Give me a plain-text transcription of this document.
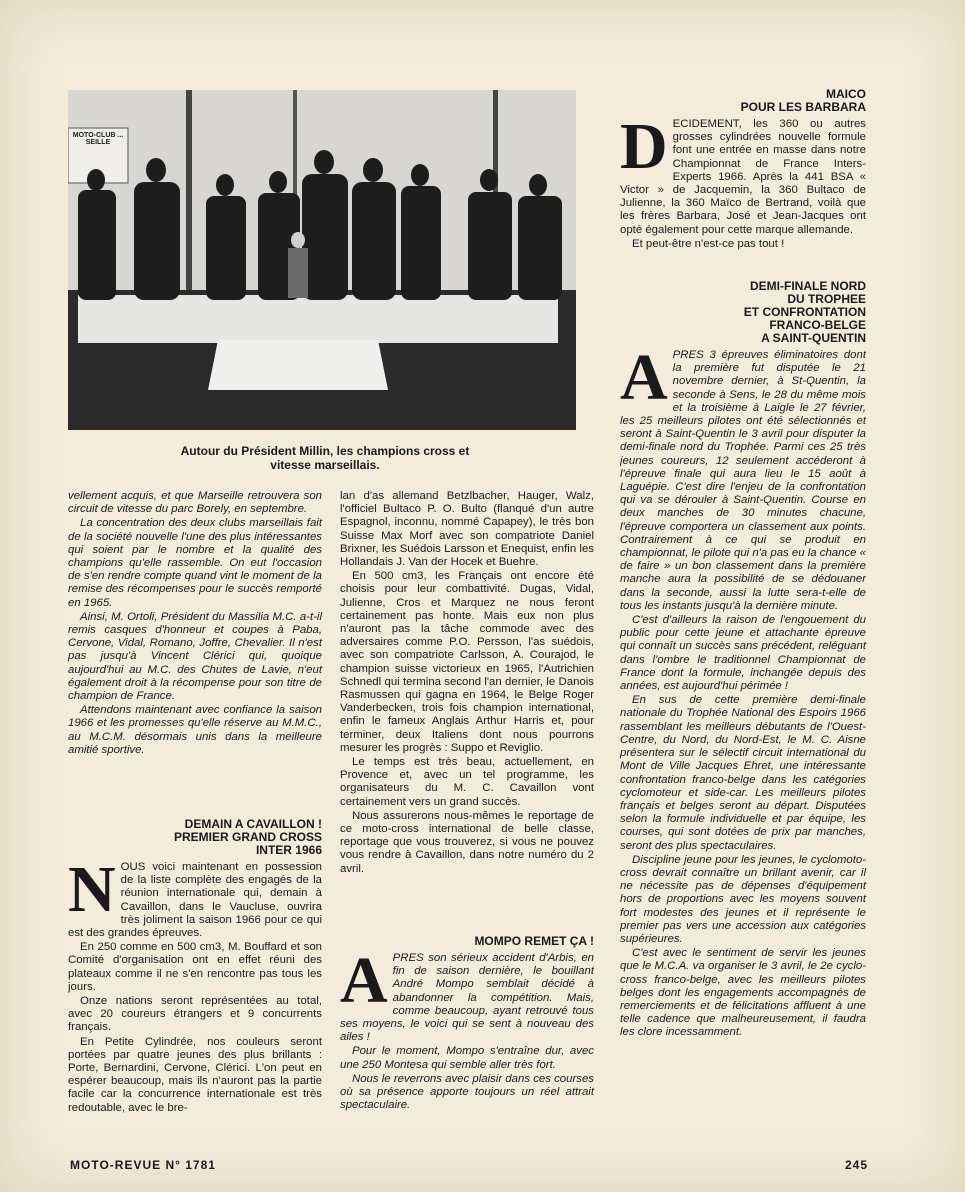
MOTO-CLUB ... SEILLE
Autour du Président Millin, les champions cross et
vitesse marseillais.

vellement acquis, et que Marseille retrouvera son circuit de vitesse du parc Borely, en septembre.

La concentration des deux clubs marseillais fait de la société nouvelle l'une des plus intéressantes qui soient par le nombre et la qualité des champions qu'elle rassemble. On eut l'occasion de s'en rendre compte quand vint le moment de la remise des récompenses pour le succès remporté en 1965.

Ainsi, M. Ortoli, Président du Massilia M.C. a-t-il remis casques d'honneur et coupes à Paba, Cervone, Vidal, Romano, Joffre, Chevalier. Il n'est pas jusqu'à Vincent Clérici qui, quoique aujourd'hui au M.C. des Chutes de Lavie, n'eut également droit à la récompense pour son titre de champion de France.

Attendons maintenant avec confiance la saison 1966 et les promesses qu'elle réserve au M.M.C., au M.C.M. désormais unis dans la meilleure amitié sportive.

DEMAIN A CAVAILLON !
PREMIER GRAND CROSS
INTER 1966
N OUS voici maintenant en possession de la liste complète des engagés de la réunion internationale qui, demain à Cavaillon, dans le Vaucluse, ouvrira très joliment la saison 1966 pour ce qui est des grandes épreuves.

En 250 comme en 500 cm3, M. Bouffard et son Comité d'organisation ont en effet réuni des plateaux comme il ne s'en rencontre pas tous les jours.

Onze nations seront représentées au total, avec 20 coureurs étrangers et 9 concurrents français.

En Petite Cylindrée, nos couleurs seront portées par quatre jeunes des plus brillants : Porte, Bernardini, Cervone, Clérici. L'on peut en espérer beaucoup, mais ils n'auront pas la partie facile car la concurrence internationale est très redoutable, avec le bre-

lan d'as allemand Betzlbacher, Hauger, Walz, l'officiel Bultaco P. O. Bulto (flanqué d'un autre Espagnol, inconnu, nommé Capapey), le très bon Suisse Max Morf avec son compatriote Daniel Brixner, les Suédois Larsson et Enequist, enfin les Hollandais J. Van der Hocek et Buehre.

En 500 cm3, les Français ont encore été choisis pour leur combattivité. Dugas, Vidal, Julienne, Cros et Marquez ne nous feront certainement pas honte. Mais eux non plus n'auront pas la tâche commode avec des adversaires comme P.O. Persson, l'as suédois, avec son compatriote Carlsson, A. Courajod, le champion suisse victorieux en 1965, l'Autrichien Schnedl qui termina second l'an dernier, le Danois Rasmussen qui gagna en 1964, le Belge Roger Vanderbecken, trois fois champion international, enfin le fameux Anglais Arthur Harris et, pour terminer, deux Italiens dont nous pourrons mesurer les progrès : Suppo et Reviglio.

Le temps est très beau, actuellement, en Provence et, avec un tel programme, les organisateurs du M. C. Cavaillon vont certainement vers un grand succès.

Nous assurerons nous-mêmes le reportage de ce moto-cross international de belle classe, reportage que vous trouverez, si vous ne pouvez vous rendre à Cavaillon, dans notre numéro du 2 avril.

MOMPO REMET ÇA !
A PRES son sérieux accident d'Arbis, en fin de saison dernière, le bouillant André Mompo semblait décidé à abandonner la compétition. Mais, comme beaucoup, ayant retrouvé tous ses moyens, le voici qui se sent à nouveau des ailes !

Pour le moment, Mompo s'entraîne dur, avec une 250 Montesa qui semble aller très fort.

Nous le reverrons avec plaisir dans ces courses où sa présence apporte toujours un réel attrait spectaculaire.

MAICO
POUR LES BARBARA
D ECIDEMENT, les 360 ou autres grosses cylindrées nouvelle formule font une entrée en masse dans notre Championnat de France Inters-Experts 1966. Après la 441 BSA « Victor » de Jacquemin, la 360 Bultaco de Julienne, la 360 Maïco de Bertrand, voilà que les frères Barbara, José et Jean-Jacques ont opté également pour cette marque allemande.

Et peut-être n'est-ce pas tout !

DEMI-FINALE NORD
DU TROPHEE
ET CONFRONTATION
FRANCO-BELGE
A SAINT-QUENTIN
A PRES 3 épreuves éliminatoires dont la première fut disputée le 21 novembre dernier, à St-Quentin, la seconde à Sens, le 28 du même mois et la troisième à Laigle le 27 février, les 25 meilleurs pilotes ont été sélectionnés et seront à Saint-Quentin le 3 avril pour disputer la demi-finale nord du Trophée. Parmi ces 25 très jeunes coureurs, 12 seulement accéderont à l'épreuve finale qui aura lieu le 15 août à Laguépie. C'est dire l'enjeu de la confrontation qui va se dérouler à Saint-Quentin. Course en deux manches de 30 minutes chacune, l'épreuve comportera un classement aux points. Contrairement à ce qui se produit en championnat, le pilote qui n'a pas eu la chance « de faire » un bon classement dans la première manche aura la possibilité de se dédouaner dans la seconde, aussi la lutte sera-t-elle de tous les instants jusqu'à la dernière minute.

C'est d'ailleurs la raison de l'engouement du public pour cette jeune et attachante épreuve qui connaît un succès sans précédent, reléguant dans l'ombre le traditionnel Championnat de France dont la formule, inchangée depuis des années, est aujourd'hui périmée !

En sus de cette première demi-finale nationale du Trophée National des Espoirs 1966 rassemblant les meilleurs débutants de l'Ouest-Centre, du Nord, du Nord-Est, le M. C. Aisne présentera sur le sélectif circuit international du Mont de Ville Jacques Ehret, une intéressante confrontation franco-belge dans les catégories cyclomoteur et side-car. Les meilleurs pilotes français et belges seront au départ. Disputées selon la formule individuelle et par équipe, les courses, qui sont dotées de prix par manches, seront des plus spectaculaires.

Discipline jeune pour les jeunes, le cyclomoto-cross devrait connaître un brillant avenir, car il ne nécessite pas de dépenses d'équipement hors de proportions avec les moyens souvent fort modestes des jeunes et il représente le premier pas vers une accession aux catégories supérieures.

C'est avec le sentiment de servir les jeunes que le M.C.A. va organiser le 3 avril, le 2e cyclo-cross franco-belge, avec les meilleurs pilotes belges dont les engagements accompagnés de remerciements et de félicitations affluent à une telle cadence que malheureusement, il faudra les clore incessamment.

MOTO-REVUE N° 1781	245
